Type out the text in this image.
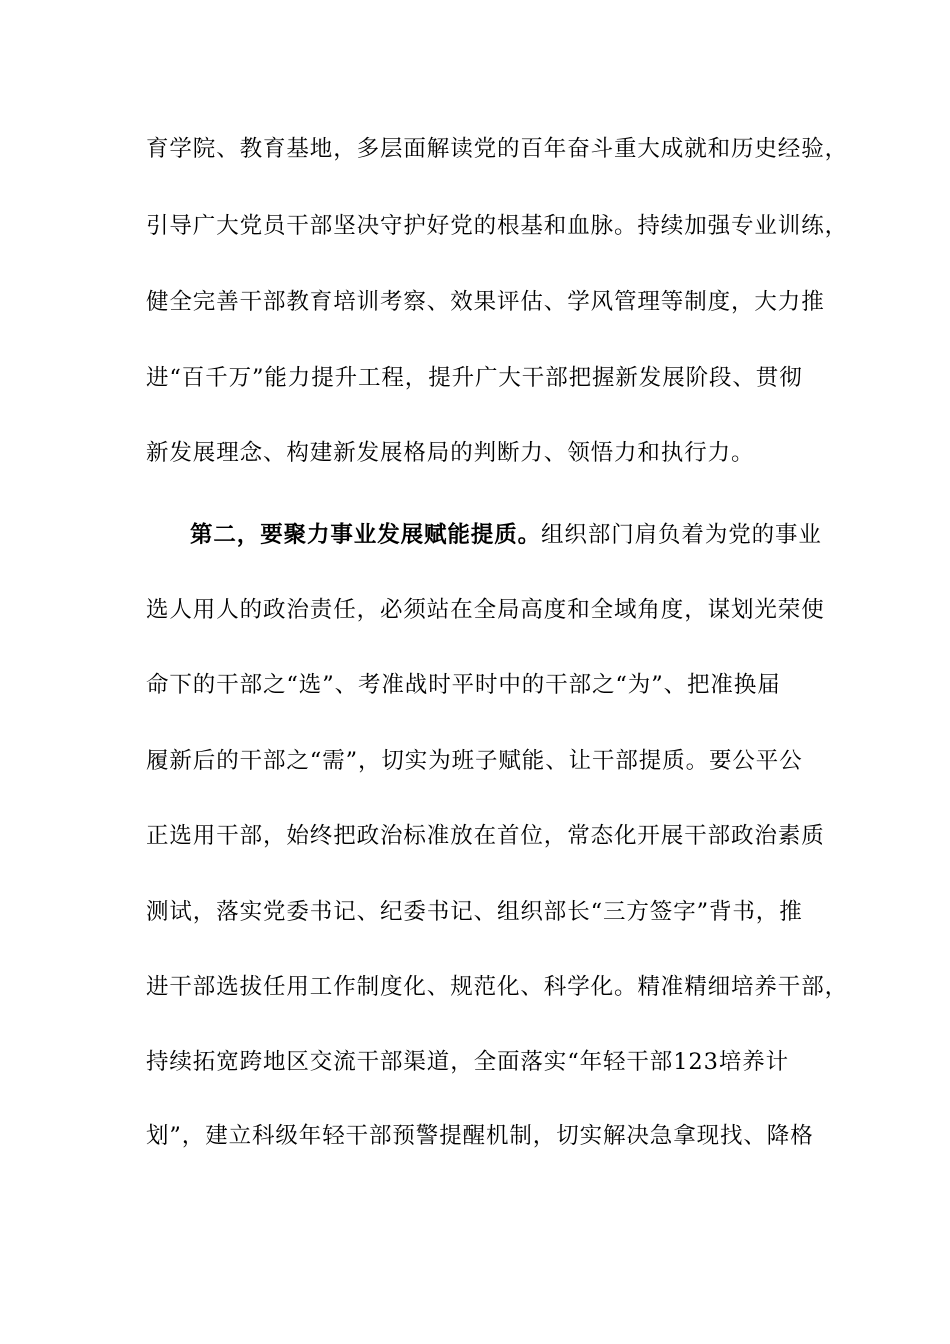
育学院、教育基地，多层面解读党的百年奋斗重大成就和历史经验，
引导广大党员干部坚决守护好党的根基和血脉。持续加强专业训练，
健全完善干部教育培训考察、效果评估、学风管理等制度，大力推
进“百千万”能力提升工程，提升广大干部把握新发展阶段、贯彻
新发展理念、构建新发展格局的判断力、领悟力和执行力。
第二，要聚力事业发展赋能提质。组织部门肩负着为党的事业
选人用人的政治责任，必须站在全局高度和全域角度，谋划光荣使
命下的干部之“选”、考准战时平时中的干部之“为”、把准换届
履新后的干部之“需”，切实为班子赋能、让干部提质。要公平公
正选用干部，始终把政治标准放在首位，常态化开展干部政治素质
测试，落实党委书记、纪委书记、组织部长“三方签字”背书，推
进干部选拔任用工作制度化、规范化、科学化。精准精细培养干部，
持续拓宽跨地区交流干部渠道，全面落实“年轻干部123培养计
划”，建立科级年轻干部预警提醒机制，切实解决急拿现找、降格
